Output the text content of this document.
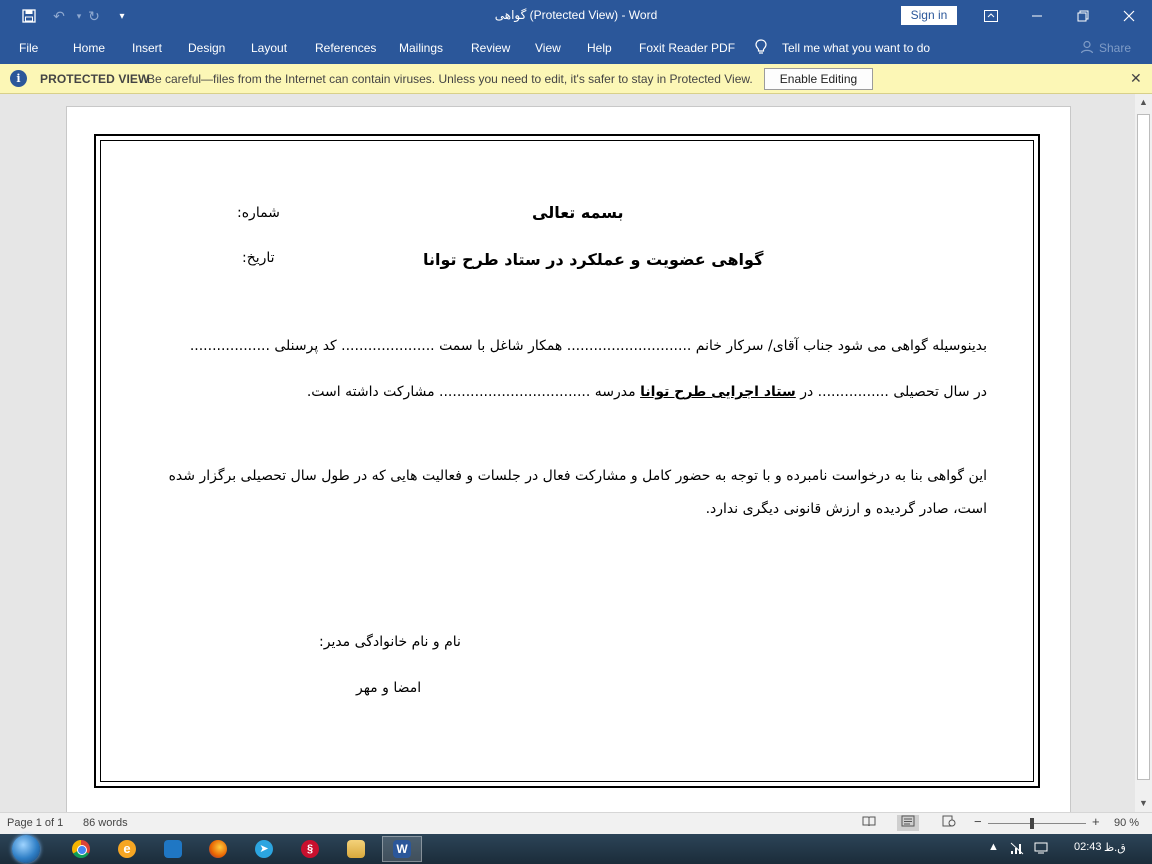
↶	▾ ↻	▾	گواهی (Protected View) - Word	Sign in
File	Home Insert Design Layout References Mailings Review View Help Foxit Reader PDF	Tell me what you want to do	Share
i	PROTECTED VIEW
Be careful—files from the Internet can contain viruses. Unless you need to edit, it's safer to stay in Protected View.	Enable Editing	✕
بسمه تعالی
شماره:
تاریخ:	گواهی عضویت و عملکرد در ستاد طرح توانا
بدینوسیله گواهی می شود جناب آقای/ سرکار خانم ............................ همکار شاغل با سمت ..................... کد پرسنلی ..................
در سال تحصیلی ................ در ستاد اجرایی طرح توانا مدرسه .................................. مشارکت داشته است.
این گواهی بنا به درخواست نامبرده و با توجه به حضور کامل و مشارکت فعال در جلسات و فعالیت هایی که در طول سال تحصیلی برگزار شده
است، صادر گردیده و ارزش قانونی دیگری ندارد.
نام و نام خانوادگی مدیر:
امضا و مهر
▲
▼
Page 1 of 1 86 words	−	+ 90 %
e	➤	§	W	▲	02:43 ق.ظ
